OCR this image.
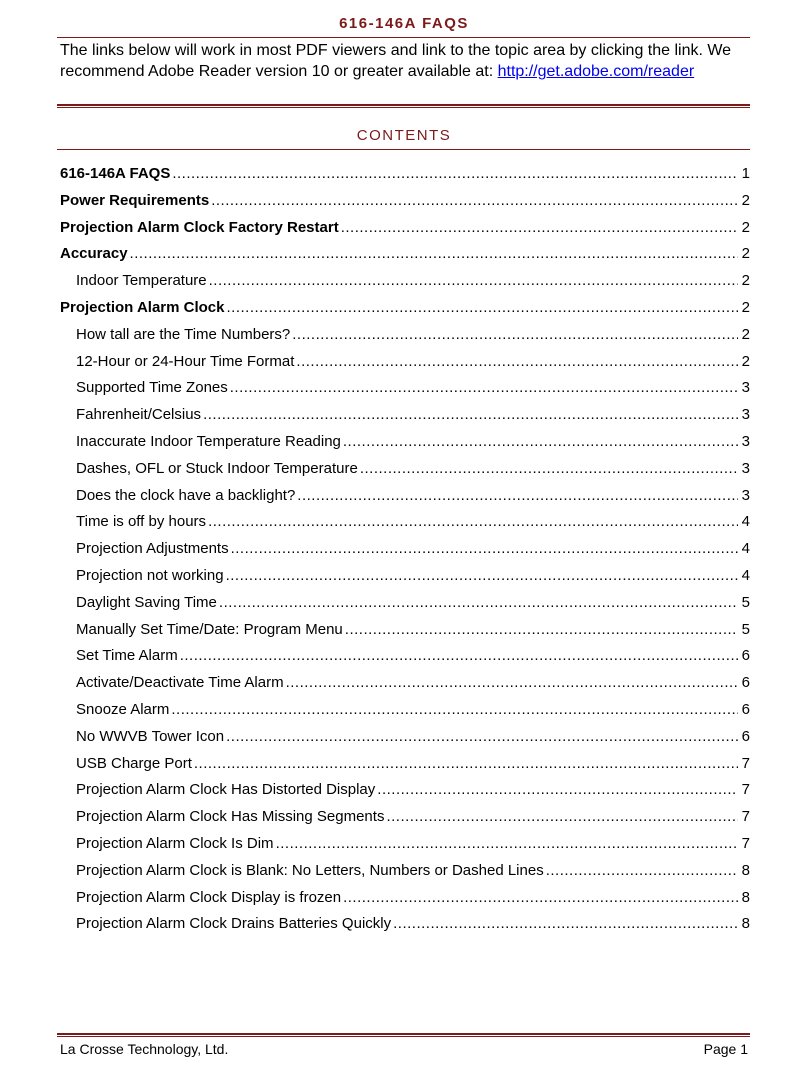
616-146A FAQS
The links below will work in most PDF viewers and link to the topic area by clicking the link. We recommend Adobe Reader version 10 or greater available at: http://get.adobe.com/reader
CONTENTS
616-146A FAQS .....	1
Power Requirements .....	2
Projection Alarm Clock Factory Restart .....	2
Accuracy .....	2
Indoor Temperature .....	2
Projection Alarm Clock .....	2
How tall are the Time Numbers? .....	2
12-Hour or 24-Hour Time Format .....	2
Supported Time Zones .....	3
Fahrenheit/Celsius .....	3
Inaccurate Indoor Temperature Reading .....	3
Dashes, OFL or Stuck Indoor Temperature .....	3
Does the clock have a backlight? .....	3
Time is off by hours .....	4
Projection Adjustments .....	4
Projection not working .....	4
Daylight Saving Time .....	5
Manually Set Time/Date: Program Menu .....	5
Set Time Alarm .....	6
Activate/Deactivate Time Alarm .....	6
Snooze Alarm .....	6
No WWVB Tower Icon .....	6
USB Charge Port .....	7
Projection Alarm Clock Has Distorted Display .....	7
Projection Alarm Clock Has Missing Segments .....	7
Projection Alarm Clock Is Dim .....	7
Projection Alarm Clock is Blank: No Letters, Numbers or Dashed Lines .....	8
Projection Alarm Clock Display is frozen .....	8
Projection Alarm Clock Drains Batteries Quickly .....	8
La Crosse Technology, Ltd.	Page 1
